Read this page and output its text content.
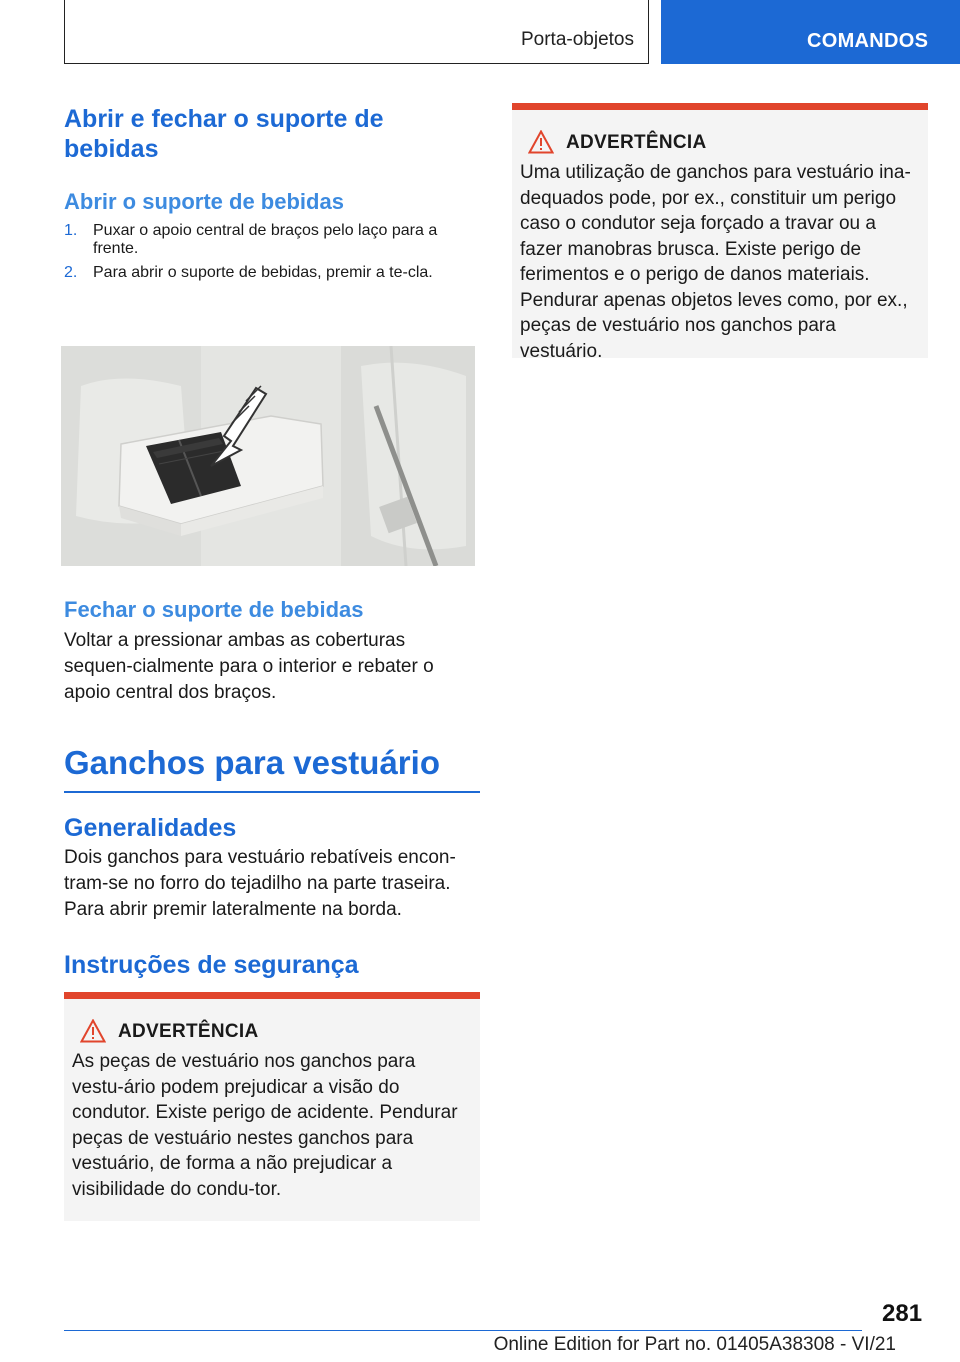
Porta-objetos	COMANDOS
Abrir e fechar o suporte de bebidas
Abrir o suporte de bebidas
1. Puxar o apoio central de braços pelo laço para a frente.
2. Para abrir o suporte de bebidas, premir a te-cla.
Fechar o suporte de bebidas

Voltar a pressionar ambas as coberturas sequen-cialmente para o interior e rebater o apoio central dos braços.

Ganchos para vestuário
Generalidades

Dois ganchos para vestuário rebatíveis encon-tram-se no forro do tejadilho na parte traseira. Para abrir premir lateralmente na borda.

Instruções de segurança
ADVERTÊNCIA

As peças de vestuário nos ganchos para vestu-ário podem prejudicar a visão do condutor. Existe perigo de acidente. Pendurar peças de vestuário nestes ganchos para vestuário, de forma a não prejudicar a visibilidade do condu-tor.

ADVERTÊNCIA

Uma utilização de ganchos para vestuário ina-dequados pode, por ex., constituir um perigo caso o condutor seja forçado a travar ou a fazer manobras brusca. Existe perigo de ferimentos e o perigo de danos materiais. Pendurar apenas objetos leves como, por ex., peças de vestuário nos ganchos para vestuário.

281
Online Edition for Part no. 01405A38308 - VI/21
